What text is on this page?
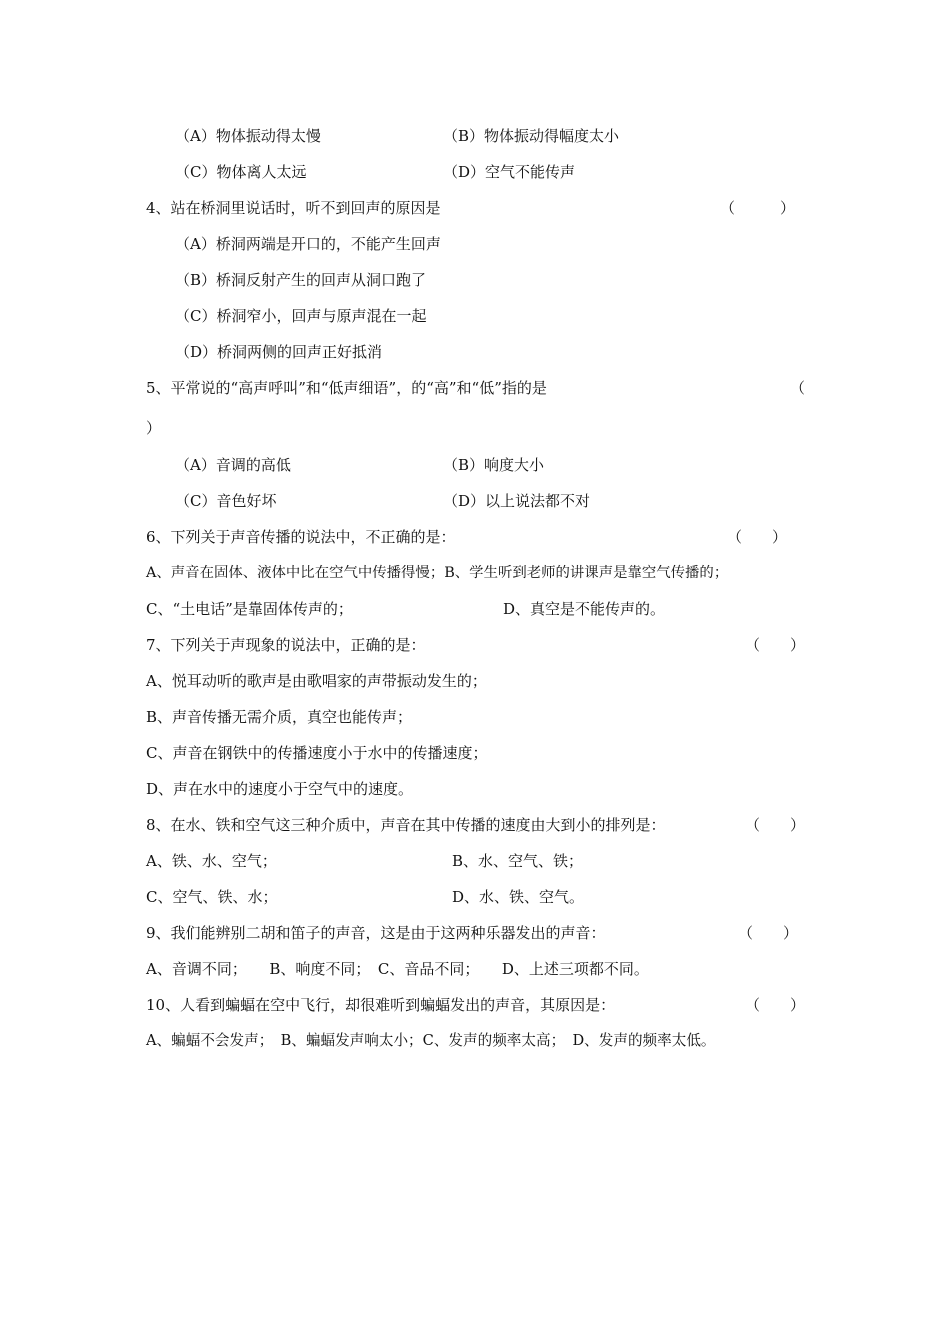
（A）物体振动得太慢	（B）物体振动得幅度太小
（C）物体离人太远	（D）空气不能传声
4、站在桥洞里说话时，听不到回声的原因是	（　　　）
（A）桥洞两端是开口的，不能产生回声
（B）桥洞反射产生的回声从洞口跑了
（C）桥洞窄小，回声与原声混在一起
（D）桥洞两侧的回声正好抵消
5、平常说的“高声呼叫”和“低声细语”，的“高”和“低”指的是	（
）
（A）音调的高低	（B）响度大小
（C）音色好坏	（D）以上说法都不对
6、下列关于声音传播的说法中，不正确的是：	（　　）
A、声音在固体、液体中比在空气中传播得慢；B、学生听到老师的讲课声是靠空气传播的；
C、“土电话”是靠固体传声的；	D、真空是不能传声的。
7、下列关于声现象的说法中，正确的是：	（　　）
A、悦耳动听的歌声是由歌唱家的声带振动发生的；
B、声音传播无需介质，真空也能传声；
C、声音在钢铁中的传播速度小于水中的传播速度；
D、声在水中的速度小于空气中的速度。
8、在水、铁和空气这三种介质中，声音在其中传播的速度由大到小的排列是：	（　　）
A、铁、水、空气；	B、水、空气、铁；
C、空气、铁、水；	D、水、铁、空气。
9、我们能辨别二胡和笛子的声音，这是由于这两种乐器发出的声音：	（　　）
A、音调不同；　　B、响度不同；　C、音品不同；　　D、上述三项都不同。
10、人看到蝙蝠在空中飞行，却很难听到蝙蝠发出的声音，其原因是：	（　　）
A、蝙蝠不会发声；　B、蝙蝠发声响太小；C、发声的频率太高；　D、发声的频率太低。
